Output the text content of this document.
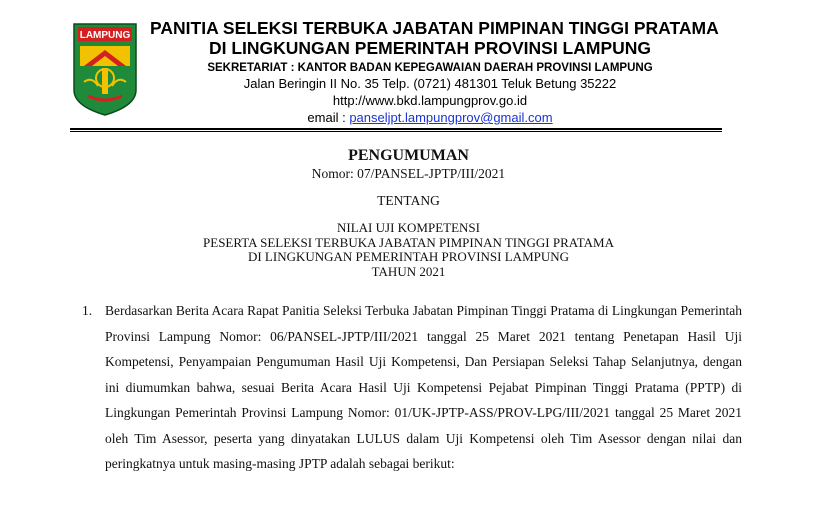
LAMPUNG PANITIA SELEKSI TERBUKA JABATAN PIMPINAN TINGGI PRATAMA
DI LINGKUNGAN PEMERINTAH PROVINSI LAMPUNG
SEKRETARIAT : KANTOR BADAN KEPEGAWAIAN DAERAH PROVINSI LAMPUNG
Jalan Beringin II No. 35 Telp. (0721) 481301 Teluk Betung 35222
http://www.bkd.lampungprov.go.id
email : panseljpt.lampungprov@gmail.com
PENGUMUMAN
Nomor: 07/PANSEL-JPTP/III/2021
TENTANG
NILAI UJI KOMPETENSI
PESERTA SELEKSI TERBUKA JABATAN PIMPINAN TINGGI PRATAMA
DI LINGKUNGAN PEMERINTAH PROVINSI LAMPUNG
TAHUN 2021
1. Berdasarkan Berita Acara Rapat Panitia Seleksi Terbuka Jabatan Pimpinan Tinggi Pratama di Lingkungan Pemerintah Provinsi Lampung Nomor: 06/PANSEL-JPTP/III/2021 tanggal 25 Maret 2021 tentang Penetapan Hasil Uji Kompetensi, Penyampaian Pengumuman Hasil Uji Kompetensi, Dan Persiapan Seleksi Tahap Selanjutnya, dengan ini diumumkan bahwa, sesuai Berita Acara Hasil Uji Kompetensi Pejabat Pimpinan Tinggi Pratama (PPTP) di Lingkungan Pemerintah Provinsi Lampung Nomor: 01/UK-JPTP-ASS/PROV-LPG/III/2021 tanggal 25 Maret 2021 oleh Tim Asessor, peserta yang dinyatakan LULUS dalam Uji Kompetensi oleh Tim Asessor dengan nilai dan peringkatnya untuk masing-masing JPTP adalah sebagai berikut:
